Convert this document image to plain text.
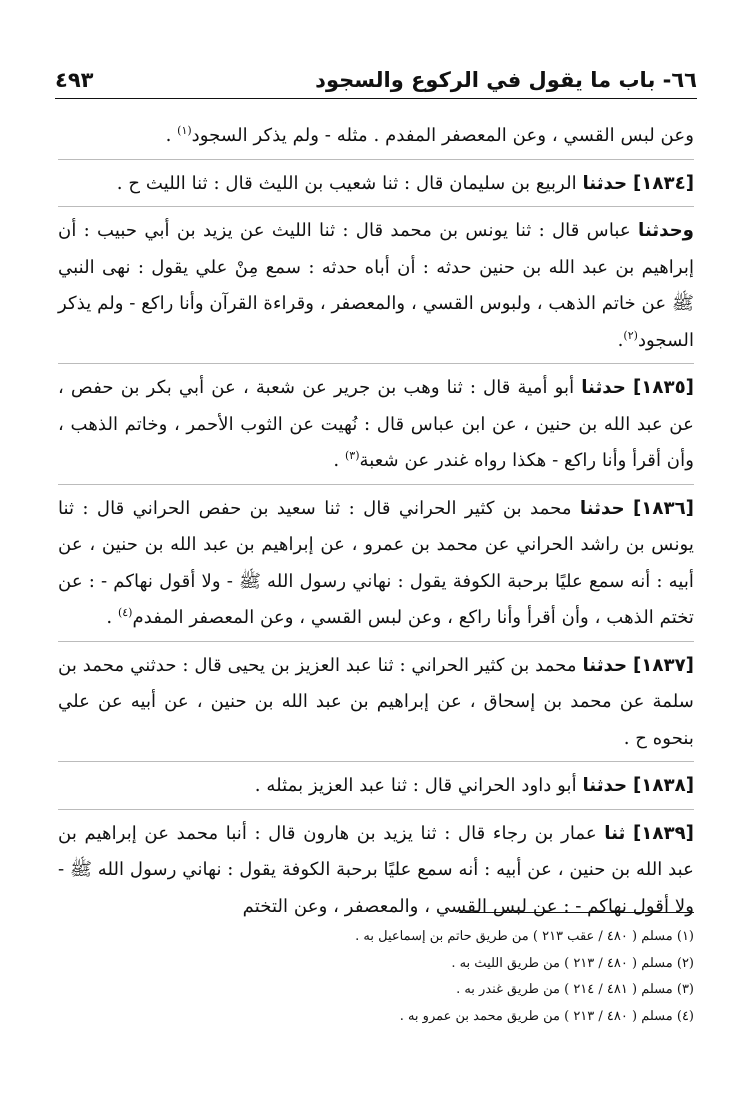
٦٦- باب ما يقول في الركوع والسجود
٤٩٣

وعن لبس القسي ، وعن المعصفر المفدم . مثله - ولم يذكر السجود$^{(١)}$ .

[١٨٣٤] حدثنا الربيع بن سليمان قال : ثنا شعيب بن الليث قال : ثنا الليث ح .

وحدثنا عباس قال : ثنا يونس بن محمد قال : ثنا الليث عن يزيد بن أبي حبيب : أن إبراهيم بن عبد الله بن حنين حدثه : أن أباه حدثه : سمع مِنْ علي يقول : نهى النبي ﷺ عن خاتم الذهب ، ولبوس القسي ، والمعصفر ، وقراءة القرآن وأنا راكع - ولم يذكر السجود$^{(٢)}$.

[١٨٣٥] حدثنا أبو أمية قال : ثنا وهب بن جرير عن شعبة ، عن أبي بكر بن حفص ، عن عبد الله بن حنين ، عن ابن عباس قال : نُهيت عن الثوب الأحمر ، وخاتم الذهب ، وأن أقرأ وأنا راكع - هكذا رواه غندر عن شعبة$^{(٣)}$ .

[١٨٣٦] حدثنا محمد بن كثير الحراني قال : ثنا سعيد بن حفص الحراني قال : ثنا يونس بن راشد الحراني عن محمد بن عمرو ، عن إبراهيم بن عبد الله بن حنين ، عن أبيه : أنه سمع عليًا برحبة الكوفة يقول : نهاني رسول الله ﷺ - ولا أقول نهاكم - : عن تختم الذهب ، وأن أقرأ وأنا راكع ، وعن لبس القسي ، وعن المعصفر المفدم$^{(٤)}$ .

[١٨٣٧] حدثنا محمد بن كثير الحراني : ثنا عبد العزيز بن يحيى قال : حدثني محمد بن سلمة عن محمد بن إسحاق ، عن إبراهيم بن عبد الله بن حنين ، عن أبيه عن علي بنحوه ح .

[١٨٣٨] حدثنا أبو داود الحراني قال : ثنا عبد العزيز بمثله .

[١٨٣٩] ثنا عمار بن رجاء قال : ثنا يزيد بن هارون قال : أنبا محمد عن إبراهيم بن عبد الله بن حنين ، عن أبيه : أنه سمع عليًا برحبة الكوفة يقول : نهاني رسول الله ﷺ - ولا أقول نهاكم - : عن لبس القسي ، والمعصفر ، وعن التختم

(١) مسلم ( ٤٨٠ / عقب ٢١٣ ) من طريق حاتم بن إسماعيل به .
(٢) مسلم ( ٤٨٠ / ٢١٣ ) من طريق الليث به .
(٣) مسلم ( ٤٨١ / ٢١٤ ) من طريق غندر به .
(٤) مسلم ( ٤٨٠ / ٢١٣ ) من طريق محمد بن عمرو به .
